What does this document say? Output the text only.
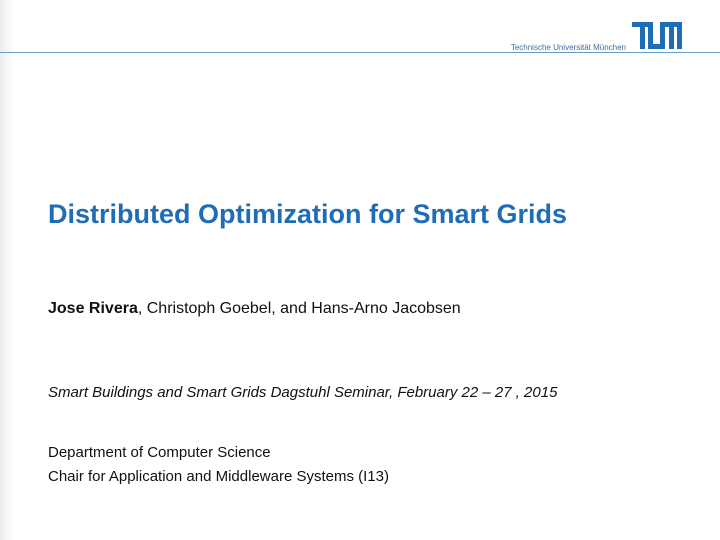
Technische Universität München
Distributed Optimization for Smart Grids
Jose Rivera, Christoph Goebel, and Hans-Arno Jacobsen
Smart Buildings and Smart Grids Dagstuhl Seminar, February 22 – 27 , 2015
Department of Computer Science
Chair for Application and Middleware Systems (I13)
